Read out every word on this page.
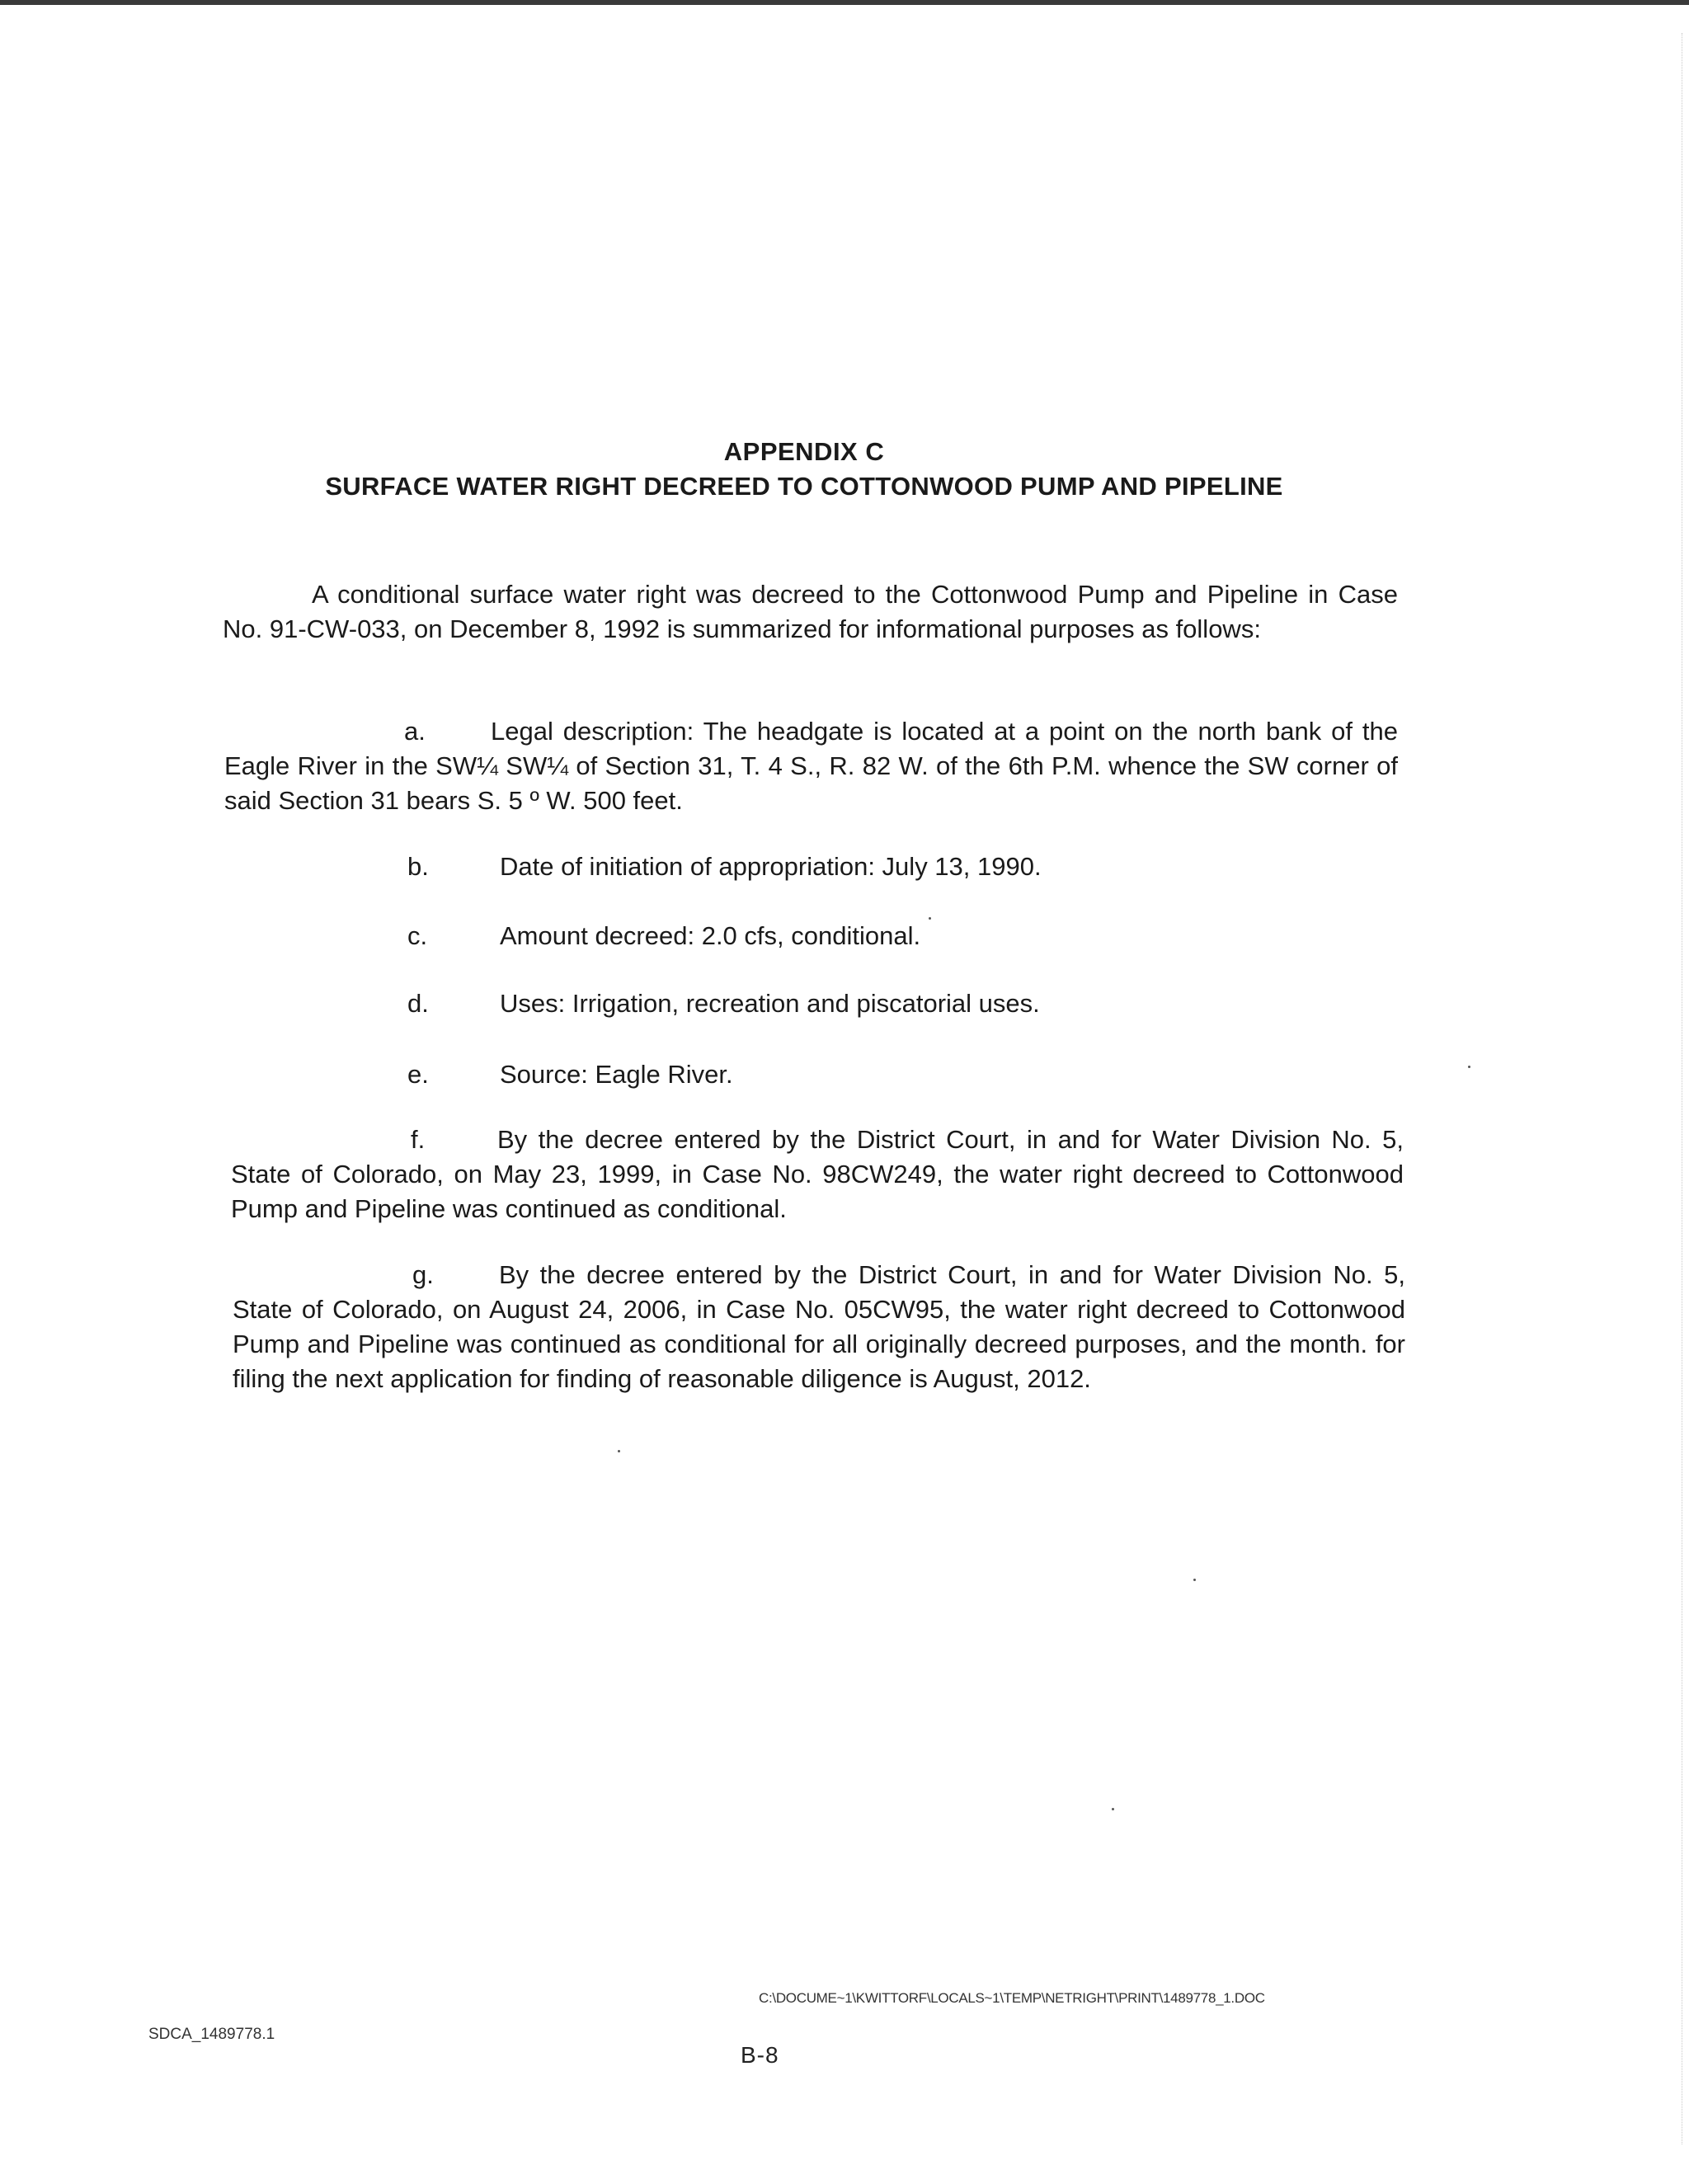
APPENDIX C
SURFACE WATER RIGHT DECREED TO COTTONWOOD PUMP AND PIPELINE
A conditional surface water right was decreed to the Cottonwood Pump and Pipeline in Case No. 91-CW-033, on December 8, 1992 is summarized for informational purposes as follows:
a.	Legal description: The headgate is located at a point on the north bank of the Eagle River in the SW¼ SW¼ of Section 31, T. 4 S., R. 82 W. of the 6th P.M. whence the SW corner of said Section 31 bears S. 5 º W. 500 feet.
b.	Date of initiation of appropriation: July 13, 1990.
c.	Amount decreed: 2.0 cfs, conditional.
d.	Uses: Irrigation, recreation and piscatorial uses.
e.	Source: Eagle River.
f.	By the decree entered by the District Court, in and for Water Division No. 5, State of Colorado, on May 23, 1999, in Case No. 98CW249, the water right decreed to Cottonwood Pump and Pipeline was continued as conditional.
g.	By the decree entered by the District Court, in and for Water Division No. 5, State of Colorado, on August 24, 2006, in Case No. 05CW95, the water right decreed to Cottonwood Pump and Pipeline was continued as conditional for all originally decreed purposes, and the month. for filing the next application for finding of reasonable diligence is August, 2012.
C:\DOCUME~1\KWITTORF\LOCALS~1\TEMP\NETRIGHT\PRINT\1489778_1.DOC
SDCA_1489778.1
B-8
